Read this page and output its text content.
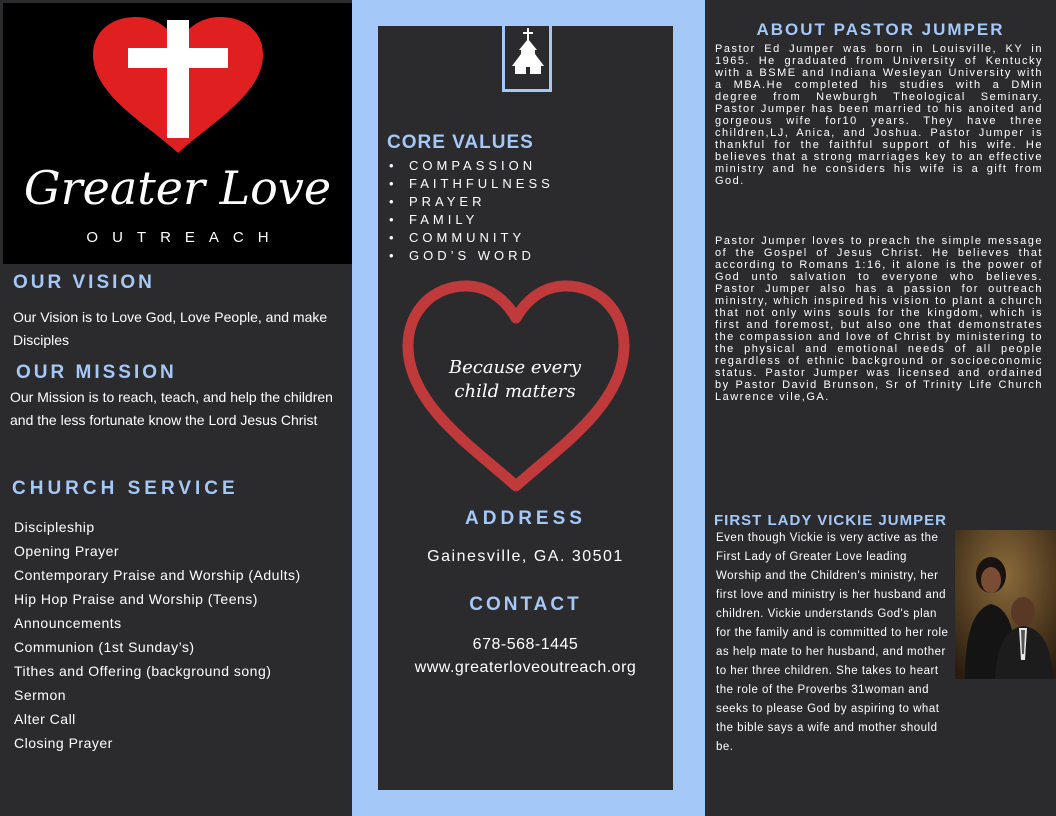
Greater Love
OUTREACH
OUR VISION
Our Vision is to Love God, Love People, and make Disciples
OUR MISSION
Our Mission is to reach, teach, and help the children and the less fortunate know the Lord Jesus Christ
CHURCH SERVICE
Discipleship
Opening Prayer
Contemporary Praise and Worship (Adults)
Hip Hop Praise and Worship (Teens)
Announcements
Communion (1st Sunday’s)
Tithes and Offering (background song)
Sermon
Alter Call
Closing Prayer
CORE VALUES
• COMPASSION
• FAITHFULNESS
• PRAYER
• FAMILY
• COMMUNITY
• GOD’S WORD
Because every
child matters
ADDRESS
Gainesville, GA. 30501
CONTACT
678-568-1445
www.greaterloveoutreach.org
ABOUT PASTOR JUMPER
Pastor Ed Jumper was born in Louisville, KY in 1965. He graduated from University of Kentucky with a BSME and Indiana Wesleyan University with a MBA.He completed his studies with a DMin degree from Newburgh Theological Seminary. Pastor Jumper has been married to his anoited and gorgeous wife for10 years. They have three children,LJ, Anica, and Joshua. Pastor Jumper is thankful for the faithful support of his wife. He believes that a strong marriages key to an effective ministry and he considers his wife is a gift from God.
Pastor Jumper loves to preach the simple message of the Gospel of Jesus Christ. He believes that according to Romans 1:16, it alone is the power of God unto salvation to everyone who believes. Pastor Jumper also has a passion for outreach ministry, which inspired his vision to plant a church that not only wins souls for the kingdom, which is first and foremost, but also one that demonstrates the compassion and love of Christ by ministering to the physical and emotional needs of all people regardless of ethnic background or socioeconomic status. Pastor Jumper was licensed and ordained by Pastor David Brunson, Sr of Trinity Life Church Lawrence vile,GA.
FIRST LADY VICKIE JUMPER
Even though Vickie is very active as the First Lady of Greater Love leading Worship and the Children's ministry, her first love and ministry is her husband and children. Vickie understands God's plan for the family and is committed to her role as help mate to her husband, and mother to her three children. She takes to heart the role of the Proverbs 31woman and seeks to please God by aspiring to what the bible says a wife and mother should be.
